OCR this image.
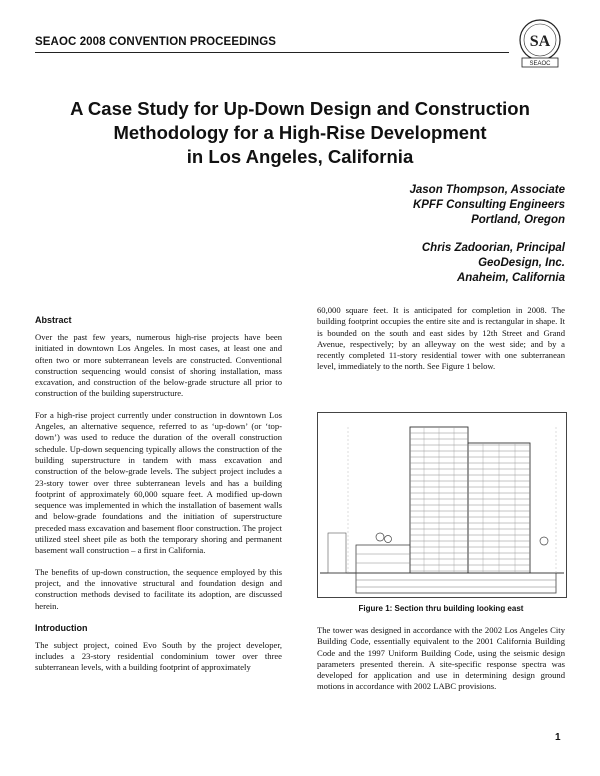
SEAOC 2008 CONVENTION PROCEEDINGS	SA
SEAOC
A Case Study for Up-Down Design and Construction
Methodology for a High-Rise Development
in Los Angeles, California
Jason Thompson, Associate
KPFF Consulting Engineers
Portland, Oregon
Chris Zadoorian, Principal
GeoDesign, Inc.
Anaheim, California
Abstract

Over the past few years, numerous high-rise projects have been initiated in downtown Los Angeles. In most cases, at least one and often two or more subterranean levels are constructed. Conventional construction sequencing would consist of shoring installation, mass excavation, and construction of the below-grade structure all prior to construction of the building superstructure.

For a high-rise project currently under construction in downtown Los Angeles, an alternative sequence, referred to as ‘up-down’ (or ‘top-down’) was used to reduce the duration of the overall construction schedule. Up-down sequencing typically allows the construction of the building superstructure in tandem with mass excavation and construction of the below-grade levels. The subject project includes a 23-story tower over three subterranean levels and has a building footprint of approximately 60,000 square feet. A modified up-down sequence was implemented in which the installation of basement walls and below-grade foundations and the initiation of superstructure preceded mass excavation and basement floor construction. The project utilized steel sheet pile as both the temporary shoring and permanent basement wall construction – a first in California.

The benefits of up-down construction, the sequence employed by this project, and the innovative structural and foundation design and construction methods devised to facilitate its adoption, are discussed herein.

Introduction

The subject project, coined Evo South by the project developer, includes a 23-story residential condominium tower over three subterranean levels, with a building footprint of approximately

60,000 square feet. It is anticipated for completion in 2008. The building footprint occupies the entire site and is rectangular in shape. It is bounded on the south and east sides by 12th Street and Grand Avenue, respectively; by an alleyway on the west side; and by a recently completed 11-story residential tower with one subterranean level, immediately to the north. See Figure 1 below.

Figure 1: Section thru building looking east

The tower was designed in accordance with the 2002 Los Angeles City Building Code, essentially equivalent to the 2001 California Building Code and the 1997 Uniform Building Code, using the seismic design parameters presented therein. A site-specific response spectra was developed for application and use in determining design ground motions in accordance with 2002 LABC provisions.

1
